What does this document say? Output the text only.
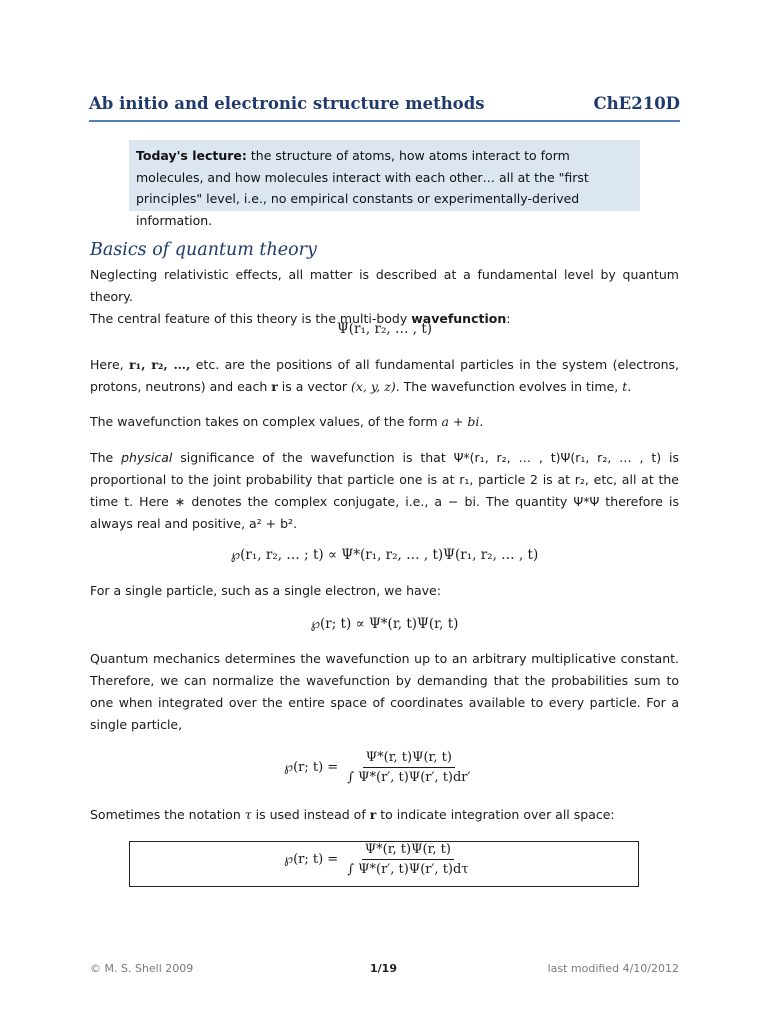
Ab initio and electronic structure methods	ChE210D
Today's lecture: the structure of atoms, how atoms interact to form molecules, and how molecules interact with each other… all at the "first principles" level, i.e., no empirical constants or experimentally-derived information.
Basics of quantum theory
Neglecting relativistic effects, all matter is described at a fundamental level by quantum theory.
The central feature of this theory is the multi-body wavefunction:
Ψ(r₁, r₂, … , t)
Here, r₁, r₂, …, etc. are the positions of all fundamental particles in the system (electrons, protons, neutrons) and each r is a vector (x, y, z). The wavefunction evolves in time, t.
The wavefunction takes on complex values, of the form a + bi.
The physical significance of the wavefunction is that Ψ*(r₁, r₂, … , t)Ψ(r₁, r₂, … , t) is proportional to the joint probability that particle one is at r₁, particle 2 is at r₂, etc, all at the time t. Here ∗ denotes the complex conjugate, i.e., a − bi. The quantity Ψ*Ψ therefore is always real and positive, a² + b².
℘(r₁, r₂, … ; t) ∝ Ψ*(r₁, r₂, … , t)Ψ(r₁, r₂, … , t)
For a single particle, such as a single electron, we have:
℘(r; t) ∝ Ψ*(r, t)Ψ(r, t)
Quantum mechanics determines the wavefunction up to an arbitrary multiplicative constant. Therefore, we can normalize the wavefunction by demanding that the probabilities sum to one when integrated over the entire space of coordinates available to every particle. For a single particle,
℘(r; $t) = \frac{\Psi*(r, t)\Psi(r, t)}{\int \Psi*(r', t)\Psi(r', t)dr'}$
Sometimes the notation τ is used instead of r to indicate integration over all space:
℘(r; $t) = \frac{\Psi*(r, t)\Psi(r, t)}{\int \Psi*(r', t)\Psi(r', t)d\tau}$
© M. S. Shell 2009	1/19	last modified 4/10/2012
